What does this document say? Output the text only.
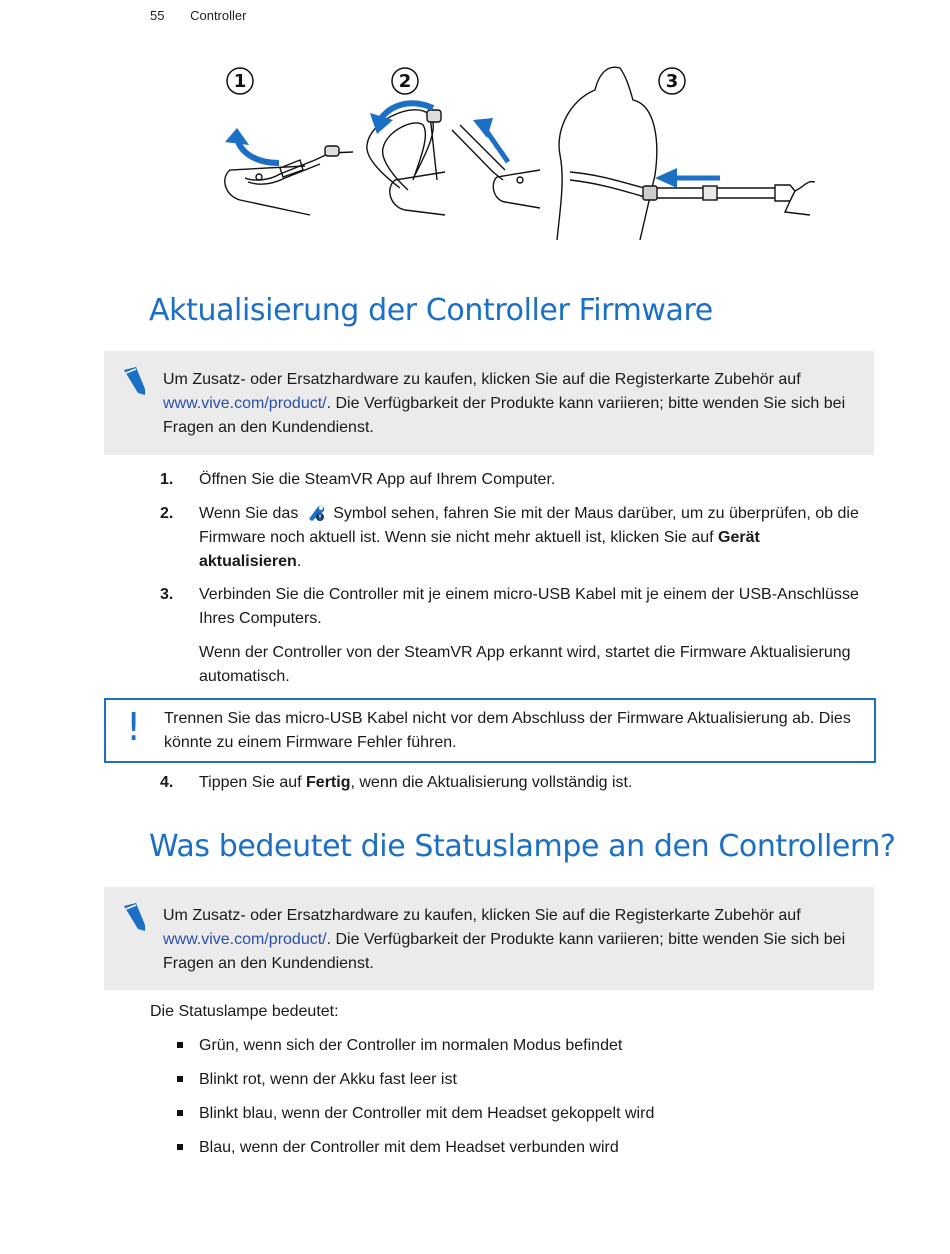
55 Controller
1	2	3
Aktualisierung der Controller Firmware
Um Zusatz- oder Ersatzhardware zu kaufen, klicken Sie auf die Registerkarte Zubehör auf www.vive.com/product/. Die Verfügbarkeit der Produkte kann variieren; bitte wenden Sie sich bei Fragen an den Kundendienst.
1. Öffnen Sie die SteamVR App auf Ihrem Computer.
2. Wenn Sie das  Symbol sehen, fahren Sie mit der Maus darüber, um zu überprüfen, ob die Firmware noch aktuell ist. Wenn sie nicht mehr aktuell ist, klicken Sie auf Gerät aktualisieren.
3. Verbinden Sie die Controller mit je einem micro-USB Kabel mit je einem der USB-Anschlüsse Ihres Computers.
Wenn der Controller von der SteamVR App erkannt wird, startet die Firmware Aktualisierung automatisch.
! Trennen Sie das micro-USB Kabel nicht vor dem Abschluss der Firmware Aktualisierung ab. Dies könnte zu einem Firmware Fehler führen.
4. Tippen Sie auf Fertig, wenn die Aktualisierung vollständig ist.
Was bedeutet die Statuslampe an den Controllern?
Um Zusatz- oder Ersatzhardware zu kaufen, klicken Sie auf die Registerkarte Zubehör auf www.vive.com/product/. Die Verfügbarkeit der Produkte kann variieren; bitte wenden Sie sich bei Fragen an den Kundendienst.
Die Statuslampe bedeutet:
Grün, wenn sich der Controller im normalen Modus befindet
Blinkt rot, wenn der Akku fast leer ist
Blinkt blau, wenn der Controller mit dem Headset gekoppelt wird
Blau, wenn der Controller mit dem Headset verbunden wird
